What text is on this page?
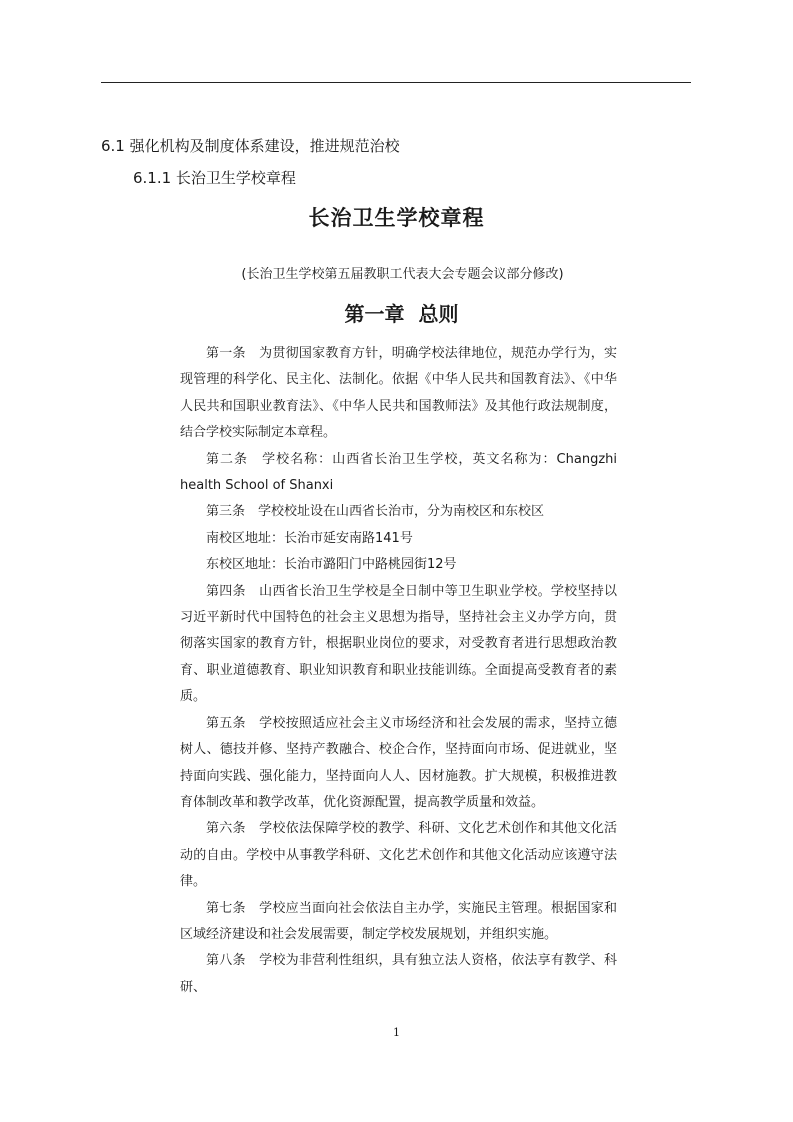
6.1 强化机构及制度体系建设，推进规范治校
6.1.1 长治卫生学校章程
长治卫生学校章程
(长治卫生学校第五届教职工代表大会专题会议部分修改)
第一章 总则

第一条　为贯彻国家教育方针，明确学校法律地位，规范办学行为，实现管理的科学化、民主化、法制化。依据《中华人民共和国教育法》、《中华人民共和国职业教育法》、《中华人民共和国教师法》及其他行政法规制度，结合学校实际制定本章程。

第二条　学校名称：山西省长治卫生学校，英文名称为：Changzhi health School of Shanxi

第三条　学校校址设在山西省长治市，分为南校区和东校区

南校区地址：长治市延安南路141号

东校区地址：长治市潞阳门中路桃园街12号

第四条　山西省长治卫生学校是全日制中等卫生职业学校。学校坚持以习近平新时代中国特色的社会主义思想为指导，坚持社会主义办学方向，贯彻落实国家的教育方针，根据职业岗位的要求，对受教育者进行思想政治教育、职业道德教育、职业知识教育和职业技能训练。全面提高受教育者的素质。

第五条　学校按照适应社会主义市场经济和社会发展的需求，坚持立德树人、德技并修、坚持产教融合、校企合作，坚持面向市场、促进就业，坚持面向实践、强化能力，坚持面向人人、因材施教。扩大规模，积极推进教育体制改革和教学改革，优化资源配置，提高教学质量和效益。

第六条　学校依法保障学校的教学、科研、文化艺术创作和其他文化活动的自由。学校中从事教学科研、文化艺术创作和其他文化活动应该遵守法律。

第七条　学校应当面向社会依法自主办学，实施民主管理。根据国家和区域经济建设和社会发展需要，制定学校发展规划，并组织实施。

第八条　学校为非营利性组织，具有独立法人资格，依法享有教学、科研、

1
